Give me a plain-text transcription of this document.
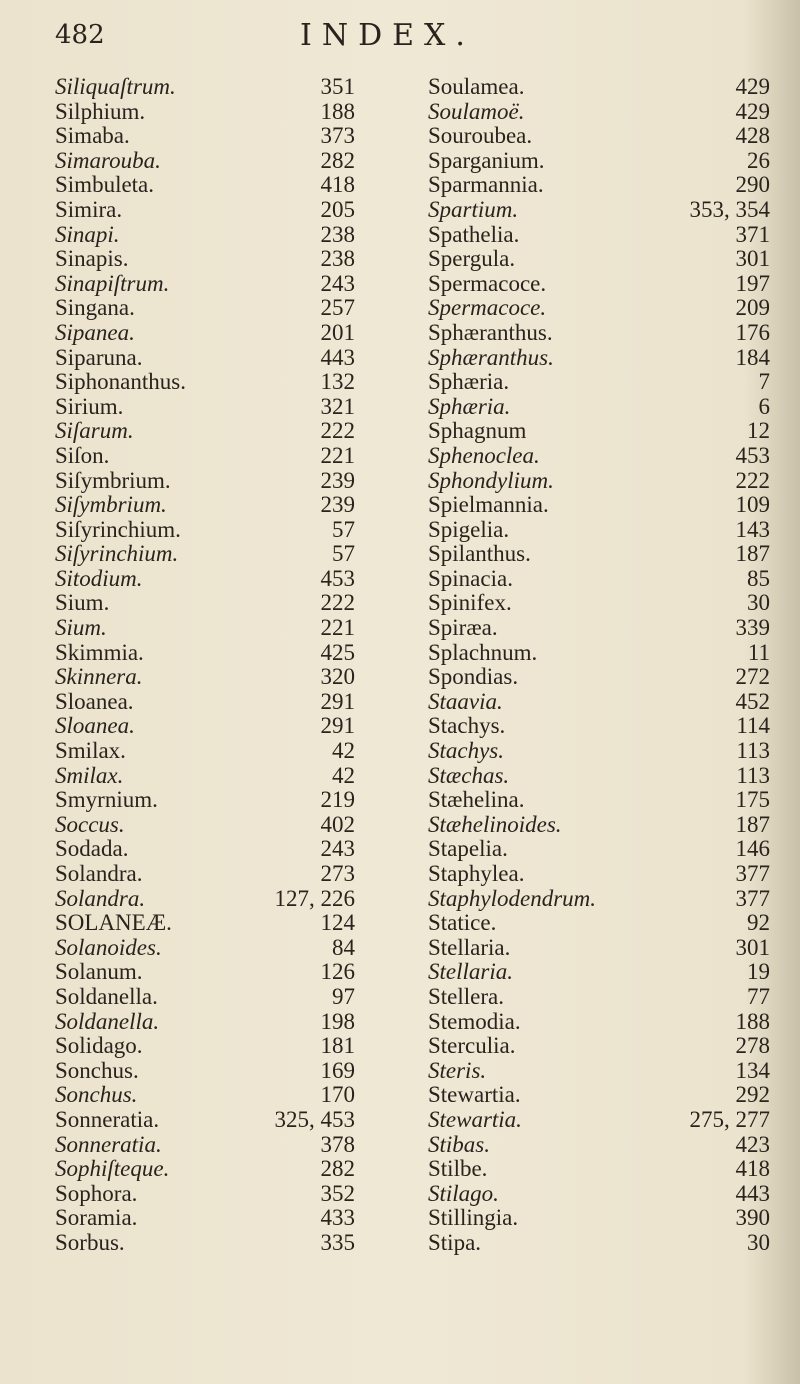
482	INDEX.
Siliquaſtrum.	351
Silphium.	188
Simaba.	373
Simarouba.	282
Simbuleta.	418
Simira.	205
Sinapi.	238
Sinapis.	238
Sinapiſtrum.	243
Singana.	257
Sipanea.	201
Siparuna.	443
Siphonanthus.	132
Sirium.	321
Siſarum.	222
Siſon.	221
Siſymbrium.	239
Siſymbrium.	239
Siſyrinchium.	57
Siſyrinchium.	57
Sitodium.	453
Sium.	222
Sium.	221
Skimmia.	425
Skinnera.	320
Sloanea.	291
Sloanea.	291
Smilax.	42
Smilax.	42
Smyrnium.	219
Soccus.	402
Sodada.	243
Solandra.	273
Solandra.	127, 226
SOLANEÆ.	124
Solanoides.	84
Solanum.	126
Soldanella.	97
Soldanella.	198
Solidago.	181
Sonchus.	169
Sonchus.	170
Sonneratia.	325, 453
Sonneratia.	378
Sophiſteque.	282
Sophora.	352
Soramia.	433
Sorbus.	335
Soulamea.	429
Soulamoë.	429
Souroubea.	428
Sparganium.	26
Sparmannia.	290
Spartium.	353, 354
Spathelia.	371
Spergula.	301
Spermacoce.	197
Spermacoce.	209
Sphæranthus.	176
Sphæranthus.	184
Sphæria.	7
Sphæria.	6
Sphagnum	12
Sphenoclea.	453
Sphondylium.	222
Spielmannia.	109
Spigelia.	143
Spilanthus.	187
Spinacia.	85
Spinifex.	30
Spiræa.	339
Splachnum.	11
Spondias.	272
Staavia.	452
Stachys.	114
Stachys.	113
Stæchas.	113
Stæhelina.	175
Stæhelinoides.	187
Stapelia.	146
Staphylea.	377
Staphylodendrum.	377
Statice.	92
Stellaria.	301
Stellaria.	19
Stellera.	77
Stemodia.	188
Sterculia.	278
Steris.	134
Stewartia.	292
Stewartia.	275, 277
Stibas.	423
Stilbe.	418
Stilago.	443
Stillingia.	390
Stipa.	30
